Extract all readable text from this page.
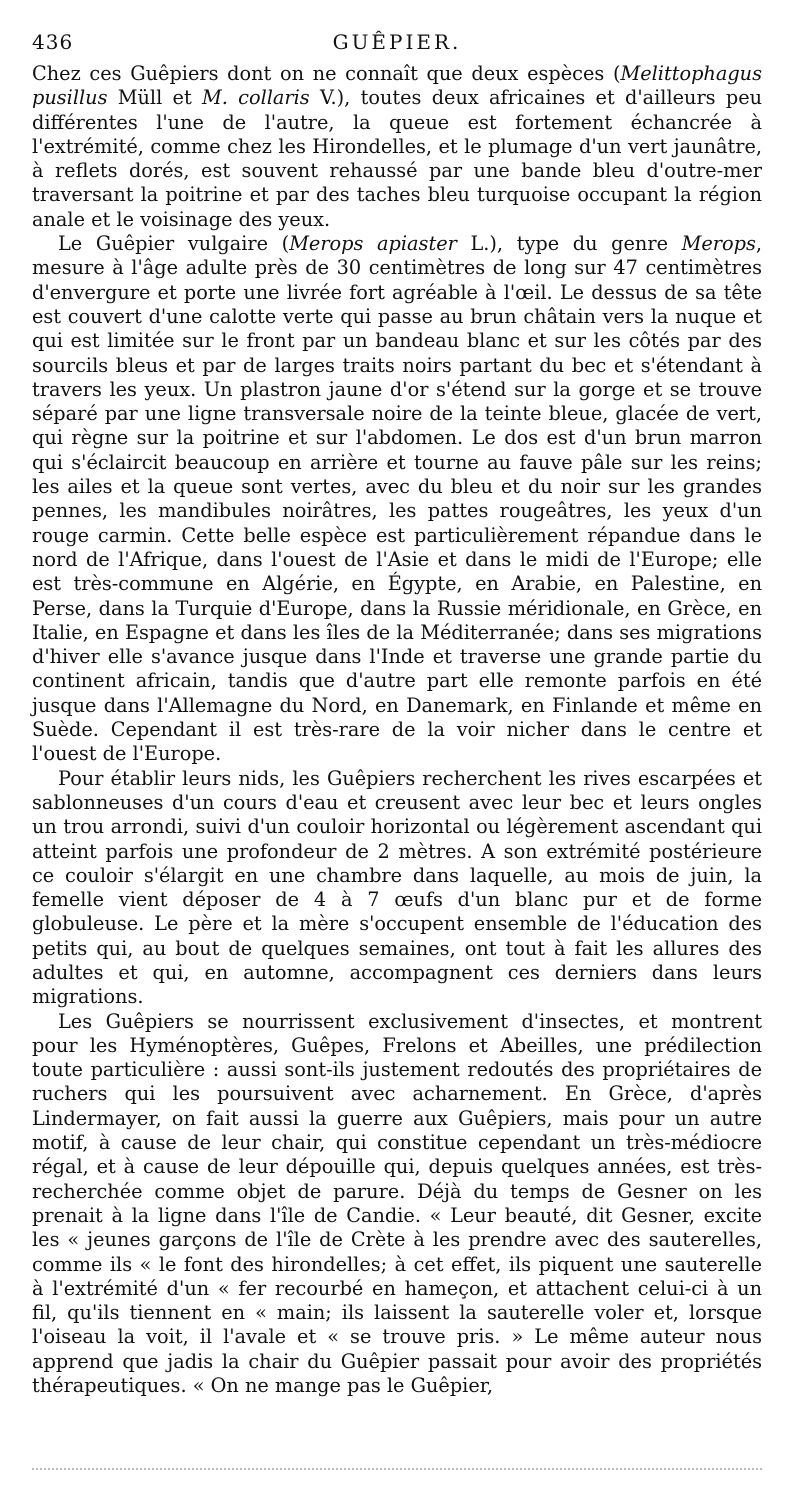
436	GUÊPIER.

Chez ces Guêpiers dont on ne connaît que deux espèces (Melittophagus pusillus Müll et M. collaris V.), toutes deux africaines et d'ailleurs peu différentes l'une de l'autre, la queue est fortement échancrée à l'extrémité, comme chez les Hirondelles, et le plumage d'un vert jaunâtre, à reflets dorés, est souvent rehaussé par une bande bleu d'outre-mer traversant la poitrine et par des taches bleu turquoise occupant la région anale et le voisinage des yeux.

Le Guêpier vulgaire (Merops apiaster L.), type du genre Merops, mesure à l'âge adulte près de 30 centimètres de long sur 47 centimètres d'envergure et porte une livrée fort agréable à l'œil. Le dessus de sa tête est couvert d'une calotte verte qui passe au brun châtain vers la nuque et qui est limitée sur le front par un bandeau blanc et sur les côtés par des sourcils bleus et par de larges traits noirs partant du bec et s'étendant à travers les yeux. Un plastron jaune d'or s'étend sur la gorge et se trouve séparé par une ligne transversale noire de la teinte bleue, glacée de vert, qui règne sur la poitrine et sur l'abdomen. Le dos est d'un brun marron qui s'éclaircit beaucoup en arrière et tourne au fauve pâle sur les reins; les ailes et la queue sont vertes, avec du bleu et du noir sur les grandes pennes, les mandibules noirâtres, les pattes rougeâtres, les yeux d'un rouge carmin. Cette belle espèce est particulièrement répandue dans le nord de l'Afrique, dans l'ouest de l'Asie et dans le midi de l'Europe; elle est très-commune en Algérie, en Égypte, en Arabie, en Palestine, en Perse, dans la Turquie d'Europe, dans la Russie méridionale, en Grèce, en Italie, en Espagne et dans les îles de la Méditerranée; dans ses migrations d'hiver elle s'avance jusque dans l'Inde et traverse une grande partie du continent africain, tandis que d'autre part elle remonte parfois en été jusque dans l'Allemagne du Nord, en Danemark, en Finlande et même en Suède. Cependant il est très-rare de la voir nicher dans le centre et l'ouest de l'Europe.

Pour établir leurs nids, les Guêpiers recherchent les rives escarpées et sablonneuses d'un cours d'eau et creusent avec leur bec et leurs ongles un trou arrondi, suivi d'un couloir horizontal ou légèrement ascendant qui atteint parfois une profondeur de 2 mètres. A son extrémité postérieure ce couloir s'élargit en une chambre dans laquelle, au mois de juin, la femelle vient déposer de 4 à 7 œufs d'un blanc pur et de forme globuleuse. Le père et la mère s'occupent ensemble de l'éducation des petits qui, au bout de quelques semaines, ont tout à fait les allures des adultes et qui, en automne, accompagnent ces derniers dans leurs migrations.

Les Guêpiers se nourrissent exclusivement d'insectes, et montrent pour les Hyménoptères, Guêpes, Frelons et Abeilles, une prédilection toute particulière : aussi sont-ils justement redoutés des propriétaires de ruchers qui les poursuivent avec acharnement. En Grèce, d'après Lindermayer, on fait aussi la guerre aux Guêpiers, mais pour un autre motif, à cause de leur chair, qui constitue cependant un très-médiocre régal, et à cause de leur dépouille qui, depuis quelques années, est très-recherchée comme objet de parure. Déjà du temps de Gesner on les prenait à la ligne dans l'île de Candie. « Leur beauté, dit Gesner, excite les « jeunes garçons de l'île de Crète à les prendre avec des sauterelles, comme ils « le font des hirondelles; à cet effet, ils piquent une sauterelle à l'extrémité d'un « fer recourbé en hameçon, et attachent celui-ci à un fil, qu'ils tiennent en « main; ils laissent la sauterelle voler et, lorsque l'oiseau la voit, il l'avale et « se trouve pris. » Le même auteur nous apprend que jadis la chair du Guêpier passait pour avoir des propriétés thérapeutiques. « On ne mange pas le Guêpier,
